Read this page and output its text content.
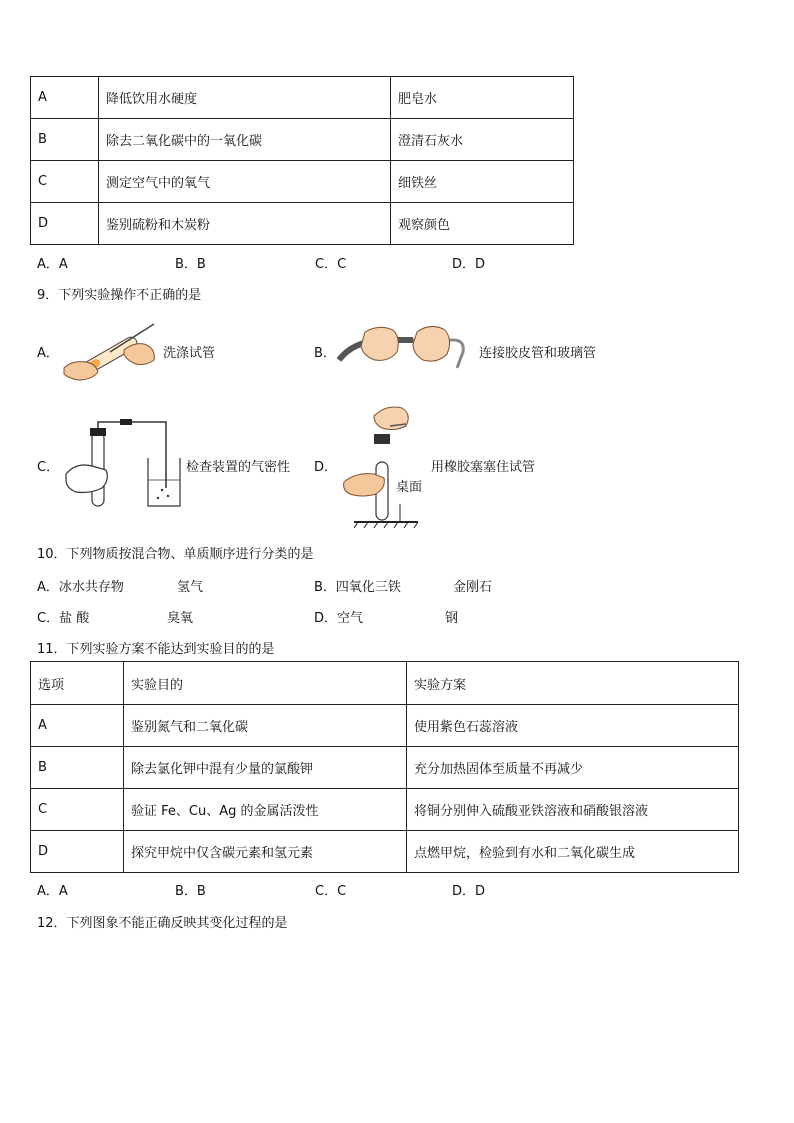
A	降低饮用水硬度	肥皂水
B	除去二氧化碳中的一氧化碳	澄清石灰水
C	测定空气中的氧气	细铁丝
D	鉴别硫粉和木炭粉	观察颜色
A．A	B．B	C．C	D．D
9．下列实验操作不正确的是
A．	洗涤试管	B．	连接胶皮管和玻璃管
C．	检查装置的气密性 D．	用橡胶塞塞住试管
桌面
10．下列物质按混合物、单质顺序进行分类的是
A．冰水共存物	氢气	B．四氧化三铁	金刚石
C．盐 酸	臭氧	D．空气	钢
11．下列实验方案不能达到实验目的的是
选项	实验目的	实验方案
A	鉴别氮气和二氧化碳	使用紫色石蕊溶液
B	除去氯化钾中混有少量的氯酸钾	充分加热固体至质量不再减少
C	验证 Fe、Cu、Ag 的金属活泼性	将铜分别伸入硫酸亚铁溶液和硝酸银溶液
D	探究甲烷中仅含碳元素和氢元素	点燃甲烷，检验到有水和二氧化碳生成
A．A	B．B	C．C	D．D
12．下列图象不能正确反映其变化过程的是
